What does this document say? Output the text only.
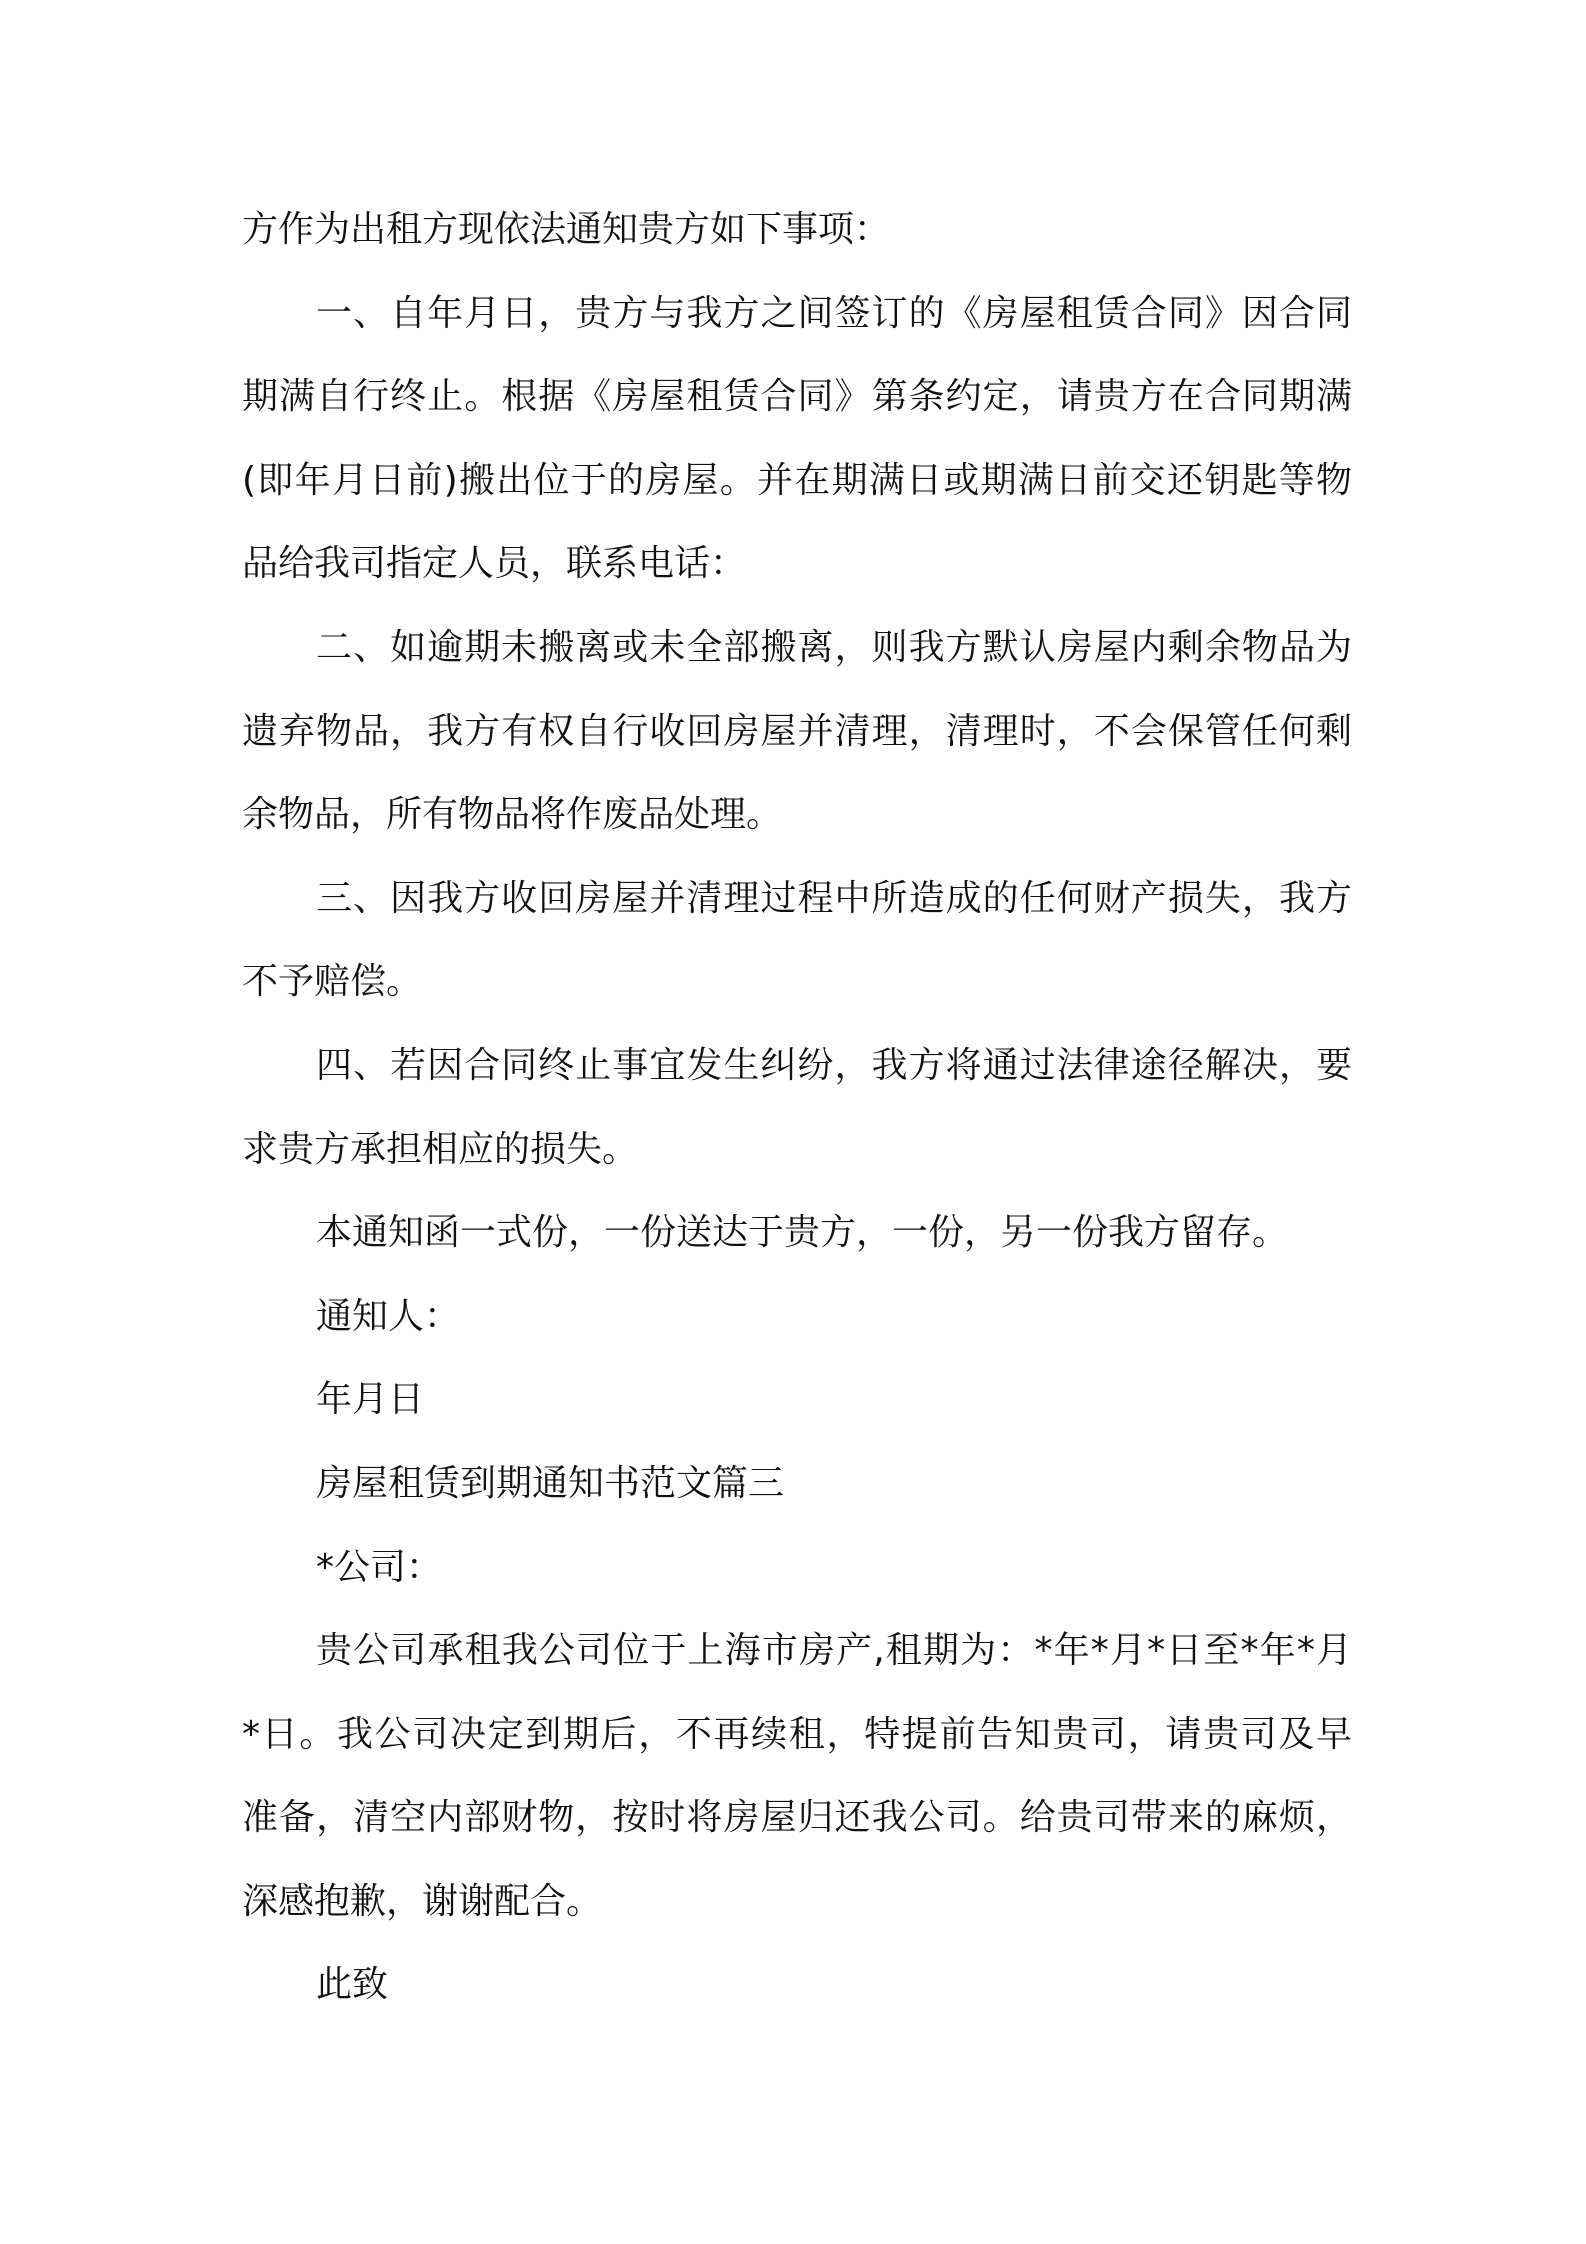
方作为出租方现依法通知贵方如下事项：
一、自年月日，贵方与我方之间签订的《房屋租赁合同》因合同
期满自行终止。根据《房屋租赁合同》第条约定，请贵方在合同期满
(即年月日前)搬出位于的房屋。并在期满日或期满日前交还钥匙等物
品给我司指定人员，联系电话：
二、如逾期未搬离或未全部搬离，则我方默认房屋内剩余物品为
遗弃物品，我方有权自行收回房屋并清理，清理时，不会保管任何剩
余物品，所有物品将作废品处理。
三、因我方收回房屋并清理过程中所造成的任何财产损失，我方
不予赔偿。
四、若因合同终止事宜发生纠纷，我方将通过法律途径解决，要
求贵方承担相应的损失。
本通知函一式份，一份送达于贵方，一份，另一份我方留存。
通知人：
年月日
房屋租赁到期通知书范文篇三
*公司：
贵公司承租我公司位于上海市房产,租期为：*年*月*日至*年*月
*日。我公司决定到期后，不再续租，特提前告知贵司，请贵司及早
准备，清空内部财物，按时将房屋归还我公司。给贵司带来的麻烦，
深感抱歉，谢谢配合。
此致
